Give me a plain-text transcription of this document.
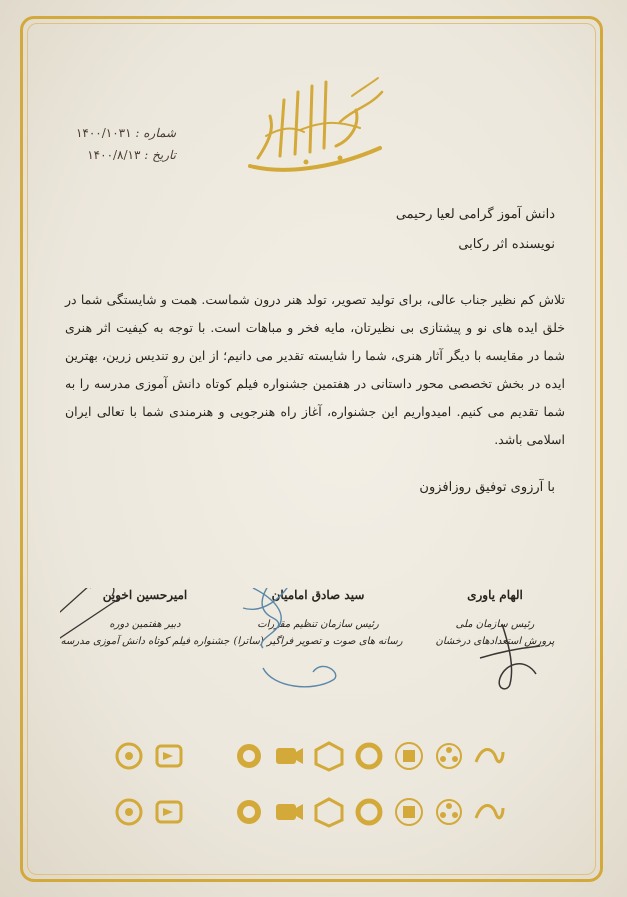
شماره : ۱۴۰۰/۱۰۳۱
تاریخ : ۱۴۰۰/۸/۱۳
دانش آموز گرامی لعیا رحیمی
نویسنده اثر رکابی
تلاش کم نظیر جناب عالی، برای تولید تصویر، تولد هنر درون شماست. همت و شایستگی شما در خلق ایده های نو و پیشتازی بی نظیرتان، مایه فخر و مباهات است. با توجه به کیفیت اثر هنری شما در مقایسه با دیگر آثار هنری، شما را شایسته تقدیر می دانیم؛ از این رو تندیس زرین، بهترین ایده در بخش تخصصی محور داستانی در هفتمین جشنواره فیلم کوتاه دانش آموزی مدرسه را به شما تقدیم می کنیم. امیدواریم این جشنواره، آغاز راه هنرجویی و هنرمندی شما با تعالی ایران اسلامی باشد.
با آرزوی توفیق روزافزون
الهام یاوری
رئیس سازمان ملی
پرورش استعدادهای درخشان
سید صادق امامیان
رئیس سازمان تنظیم مقررات
رسانه های صوت و تصویر فراگیر (ساترا)
امیرحسین اخوین
دبیر هفتمین دوره
جشنواره فیلم کوتاه دانش آموزی مدرسه
